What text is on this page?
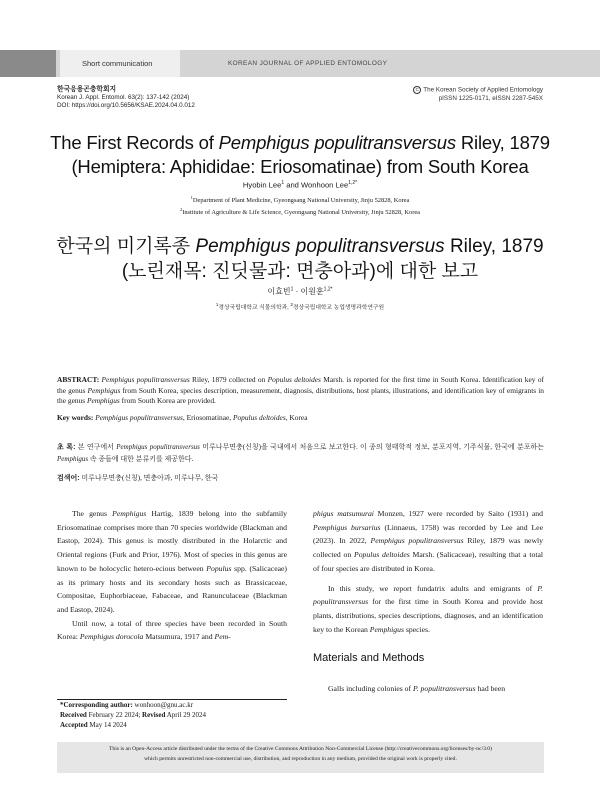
Short communication	KOREAN JOURNAL OF APPLIED ENTOMOLOGY
한국응용곤충학회지
Korean J. Appl. Entomol. 63(2): 137-142 (2024)
DOI: https://doi.org/10.5656/KSAE.2024.04.0.012
C The Korean Society of Applied Entomology
pISSN 1225-0171, eISSN 2287-545X
The First Records of Pemphigus populitransversus Riley, 1879
(Hemiptera: Aphididae: Eriosomatinae) from South Korea
Hyobin Lee$^1$ and Wonhoon Lee$^{1,2*}$
$^1$Department of Plant Medicine, Gyeongsang National University, Jinju 52828, Korea
$^2$Institute of Agriculture & Life Science, Gyeongsang National University, Jinju 52828, Korea
한국의 미기록종 Pemphigus populitransversus Riley, 1879
(노린재목: 진딧물과: 면충아과)에 대한 보고
이효빈$^1$ · 이원훈$^{1,2*}$
$^1$경상국립대학교 식물의학과, $^2$경상국립대학교 농업생명과학연구원
ABSTRACT: Pemphigus populitransversus Riley, 1879 collected on Populus deltoides Marsh. is reported for the first time in South Korea. Identification key of the genus Pemphigus from South Korea, species description, measurement, diagnosis, distributions, host plants, illustrations, and identification key of emigrants in the genus Pemphigus from South Korea are provided.
Key words: Pemphigus populitransversus, Eriosomatinae, Populus deltoides, Korea
초 록: 본 연구에서 Pemphigus populitransversus 미루나무면충(신칭)을 국내에서 처음으로 보고한다. 이 종의 형태학적 정보, 분포지역, 기주식물, 한국에 분포하는 Pemphigus 속 종들에 대한 분류키를 제공한다.
검색어: 미루나무면충(신칭), 면충아과, 미루나무, 한국

The genus Pemphigus Hartig, 1839 belong into the subfamily Eriosomatinae comprises more than 70 species worldwide (Blackman and Eastop, 2024). This genus is mostly distributed in the Holarctic and Oriental regions (Furk and Prior, 1976). Most of species in this genus are known to be holocyclic hetero-ecious between Populus spp. (Salicaceae) as its primary hosts and its secondary hosts such as Brassicaceae, Compositae, Euphorbiaceae, Fabaceae, and Ranunculaceae (Blackman and Eastop, 2024).

Until now, a total of three species have been recorded in South Korea: Pemphigus dorocola Matsumura, 1917 and Pem-

*Corresponding author: wonhoon@gnu.ac.kr
Received February 22 2024; Revised April 29 2024
Accepted May 14 2024

phigus matsumurai Monzen, 1927 were recorded by Saito (1931) and Pemphigus bursarius (Linnaeus, 1758) was recorded by Lee and Lee (2023). In 2022, Pemphigus populitransversus Riley, 1879 was newly collected on Populus deltoides Marsh. (Salicaceae), resulting that a total of four species are distributed in Korea.

In this study, we report fundatrix adults and emigrants of P. populitransversus for the first time in South Korea and provide host plants, distributions, species descriptions, diagnoses, and an identification key to the Korean Pemphigus species.

Materials and Methods

Galls including colonies of P. populitransversus had been

This is an Open-Access article distributed under the terms of the Creative Commons Attribution Non-Commercial License (http://creativecommons.org/licenses/by-nc/3.0)
which permits unrestricted non-commercial use, distribution, and reproduction in any medium, provided the original work is properly cited.
